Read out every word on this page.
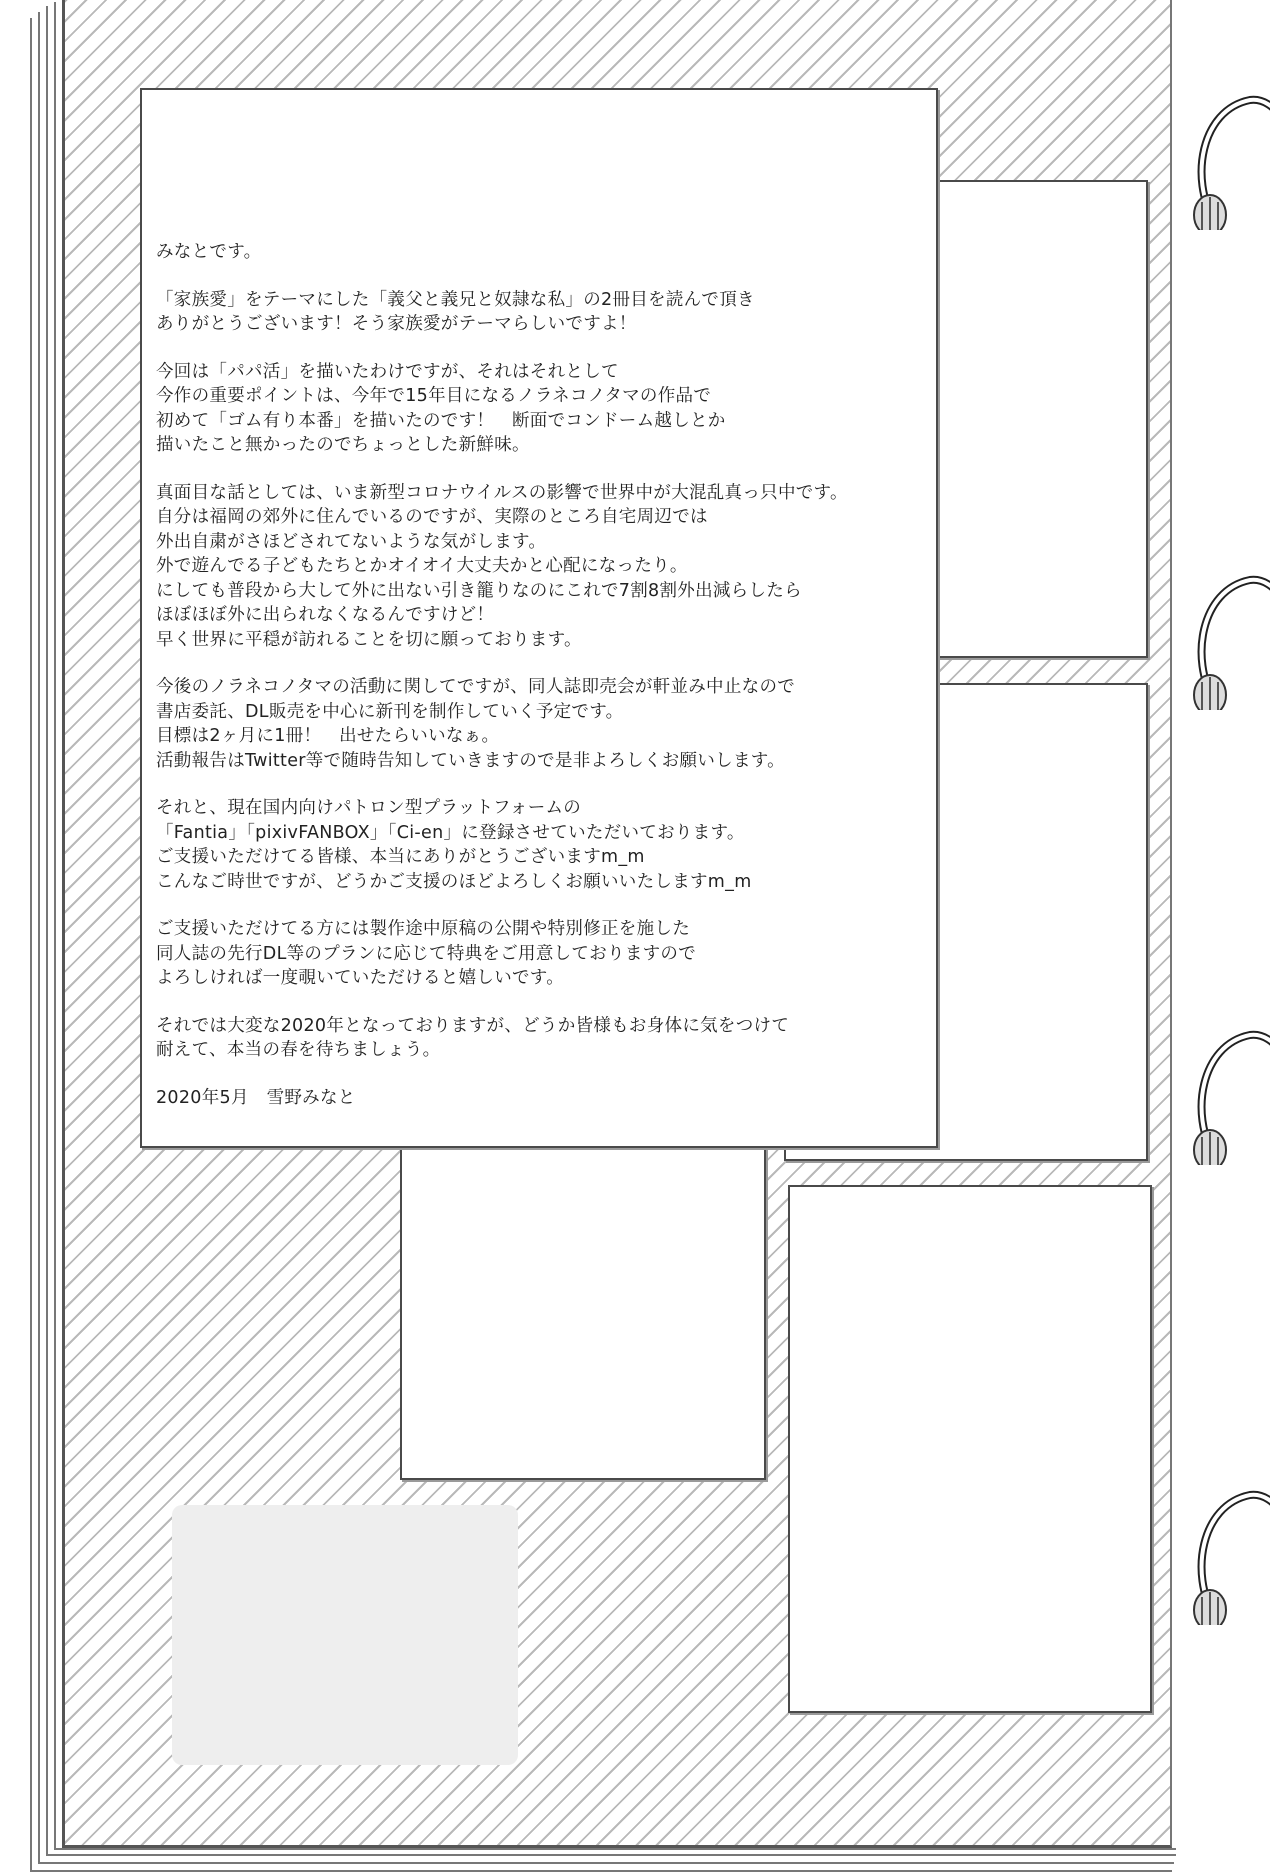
みなとです。

「家族愛」をテーマにした「義父と義兄と奴隷な私」の2冊目を読んで頂き
ありがとうございます！そう家族愛がテーマらしいですよ！

今回は「パパ活」を描いたわけですが、それはそれとして
今作の重要ポイントは、今年で15年目になるノラネコノタマの作品で
初めて「ゴム有り本番」を描いたのです！　断面でコンドーム越しとか
描いたこと無かったのでちょっとした新鮮味。

真面目な話としては、いま新型コロナウイルスの影響で世界中が大混乱真っ只中です。
自分は福岡の郊外に住んでいるのですが、実際のところ自宅周辺では
外出自粛がさほどされてないような気がします。
外で遊んでる子どもたちとかオイオイ大丈夫かと心配になったり。
にしても普段から大して外に出ない引き籠りなのにこれで7割8割外出減らしたら
ほぼほぼ外に出られなくなるんですけど！
早く世界に平穏が訪れることを切に願っております。

今後のノラネコノタマの活動に関してですが、同人誌即売会が軒並み中止なので
書店委託、DL販売を中心に新刊を制作していく予定です。
目標は2ヶ月に1冊！　出せたらいいなぁ。
活動報告はTwitter等で随時告知していきますので是非よろしくお願いします。

それと、現在国内向けパトロン型プラットフォームの
「Fantia」「pixivFANBOX」「Ci-en」に登録させていただいております。
ご支援いただけてる皆様、本当にありがとうございますm_m
こんなご時世ですが、どうかご支援のほどよろしくお願いいたしますm_m

ご支援いただけてる方には製作途中原稿の公開や特別修正を施した
同人誌の先行DL等のプランに応じて特典をご用意しておりますので
よろしければ一度覗いていただけると嬉しいです。

それでは大変な2020年となっておりますが、どうか皆様もお身体に気をつけて
耐えて、本当の春を待ちましょう。

2020年5月　雪野みなと
